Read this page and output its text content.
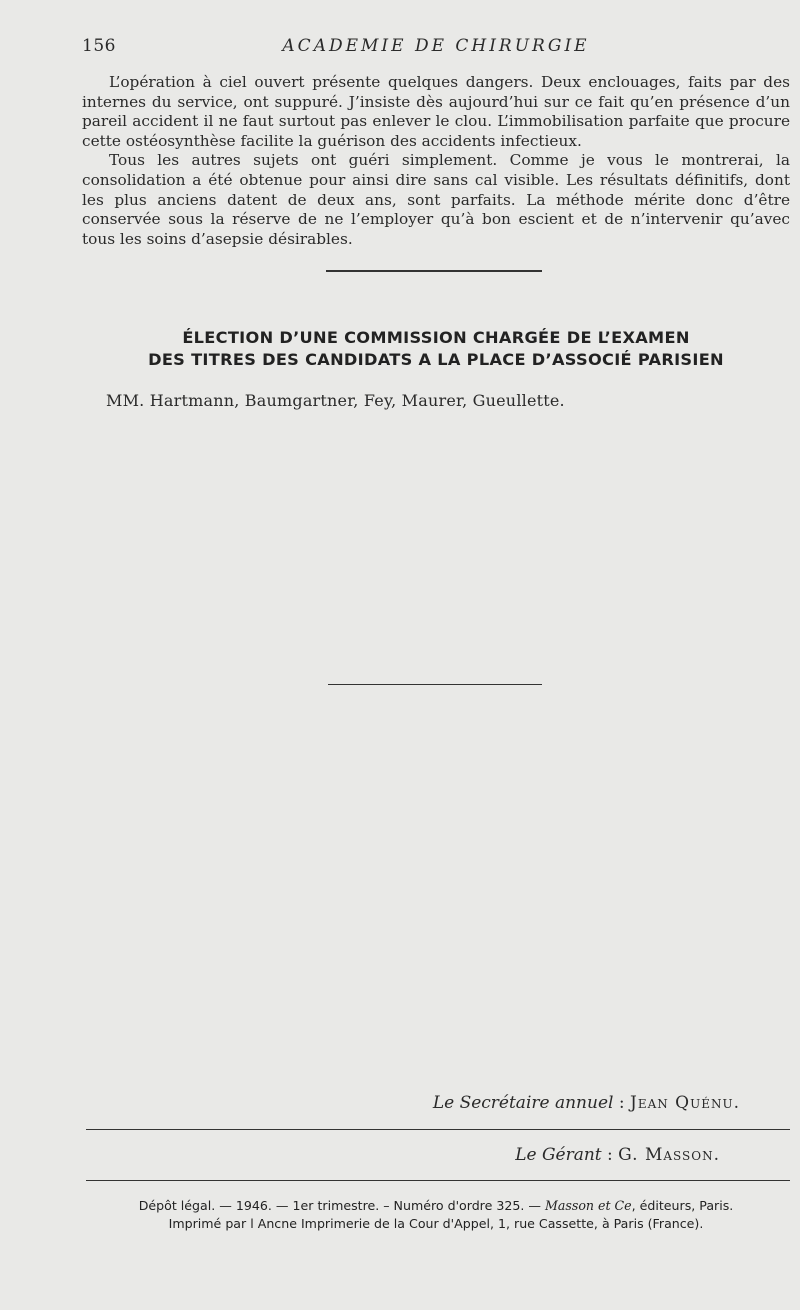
156	ACADEMIE DE CHIRURGIE

L’opération à ciel ouvert présente quelques dangers. Deux enclouages, faits par des internes du service, ont suppuré. J’insiste dès aujourd’hui sur ce fait qu’en présence d’un pareil accident il ne faut surtout pas enlever le clou. L’immobilisation parfaite que procure cette ostéosynthèse facilite la guérison des accidents infectieux.

Tous les autres sujets ont guéri simplement. Comme je vous le montrerai, la consolidation a été obtenue pour ainsi dire sans cal visible. Les résultats définitifs, dont les plus anciens datent de deux ans, sont parfaits. La méthode mérite donc d’être conservée sous la réserve de ne l’employer qu’à bon escient et de n’intervenir qu’avec tous les soins d’asepsie désirables.

ÉLECTION D’UNE COMMISSION CHARGÉE DE L’EXAMEN
DES TITRES DES CANDIDATS A LA PLACE D’ASSOCIÉ PARISIEN
MM. Hartmann, Baumgartner, Fey, Maurer, Gueullette.
Le Secrétaire annuel : Jean Quénu.
Le Gérant : G. Masson.
Dépôt légal. — 1946. — 1er trimestre. – Numéro d'ordre 325. — Masson et Ce, éditeurs, Paris.
Imprimé par l Ancne Imprimerie de la Cour d'Appel, 1, rue Cassette, à Paris (France).
